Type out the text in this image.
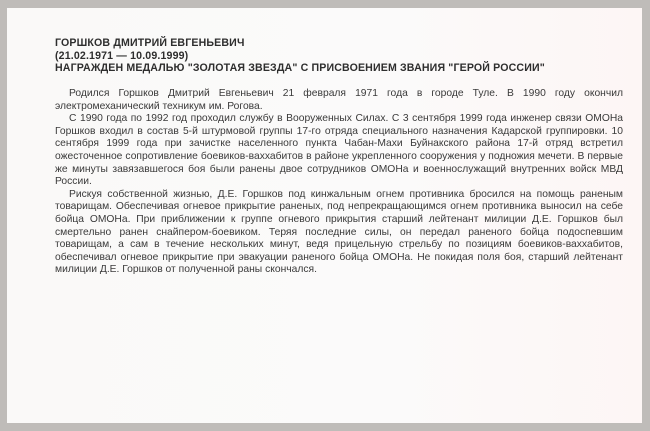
ГОРШКОВ ДМИТРИЙ ЕВГЕНЬЕВИЧ
(21.02.1971 — 10.09.1999)
НАГРАЖДЕН МЕДАЛЬЮ "ЗОЛОТАЯ ЗВЕЗДА" С ПРИСВОЕНИЕМ ЗВАНИЯ "ГЕРОЙ РОССИИ"

Родился Горшков Дмитрий Евгеньевич 21 февраля 1971 года в городе Туле. В 1990 году окончил электромеханический техникум им. Рогова.

С 1990 года по 1992 год проходил службу в Вооруженных Силах. С 3 сентября 1999 года инженер связи ОМОНа Горшков входил в состав 5-й штурмовой группы 17-го отряда специального назначения Кадарской группировки. 10 сентября 1999 года при зачистке населенного пункта Чабан-Махи Буйнакского района 17-й отряд встретил ожесточенное сопротивление боевиков-ваххабитов в районе укрепленного сооружения у подножия мечети. В первые же минуты завязавшегося боя были ранены двое сотрудников ОМОНа и военнослужащий внутренних войск МВД России.

Рискуя собственной жизнью, Д.Е. Горшков под кинжальным огнем противника бросился на помощь раненым товарищам. Обеспечивая огневое прикрытие раненых, под непрекращающимся огнем противника выносил на себе бойца ОМОНа. При приближении к группе огневого прикрытия старший лейтенант милиции Д.Е. Горшков был смертельно ранен снайпером-боевиком. Теряя последние силы, он передал раненого бойца подоспевшим товарищам, а сам в течение нескольких минут, ведя прицельную стрельбу по позициям боевиков-ваххабитов, обеспечивал огневое прикрытие при эвакуации раненого бойца ОМОНа. Не покидая поля боя, старший лейтенант милиции Д.Е. Горшков от полученной раны скончался.
